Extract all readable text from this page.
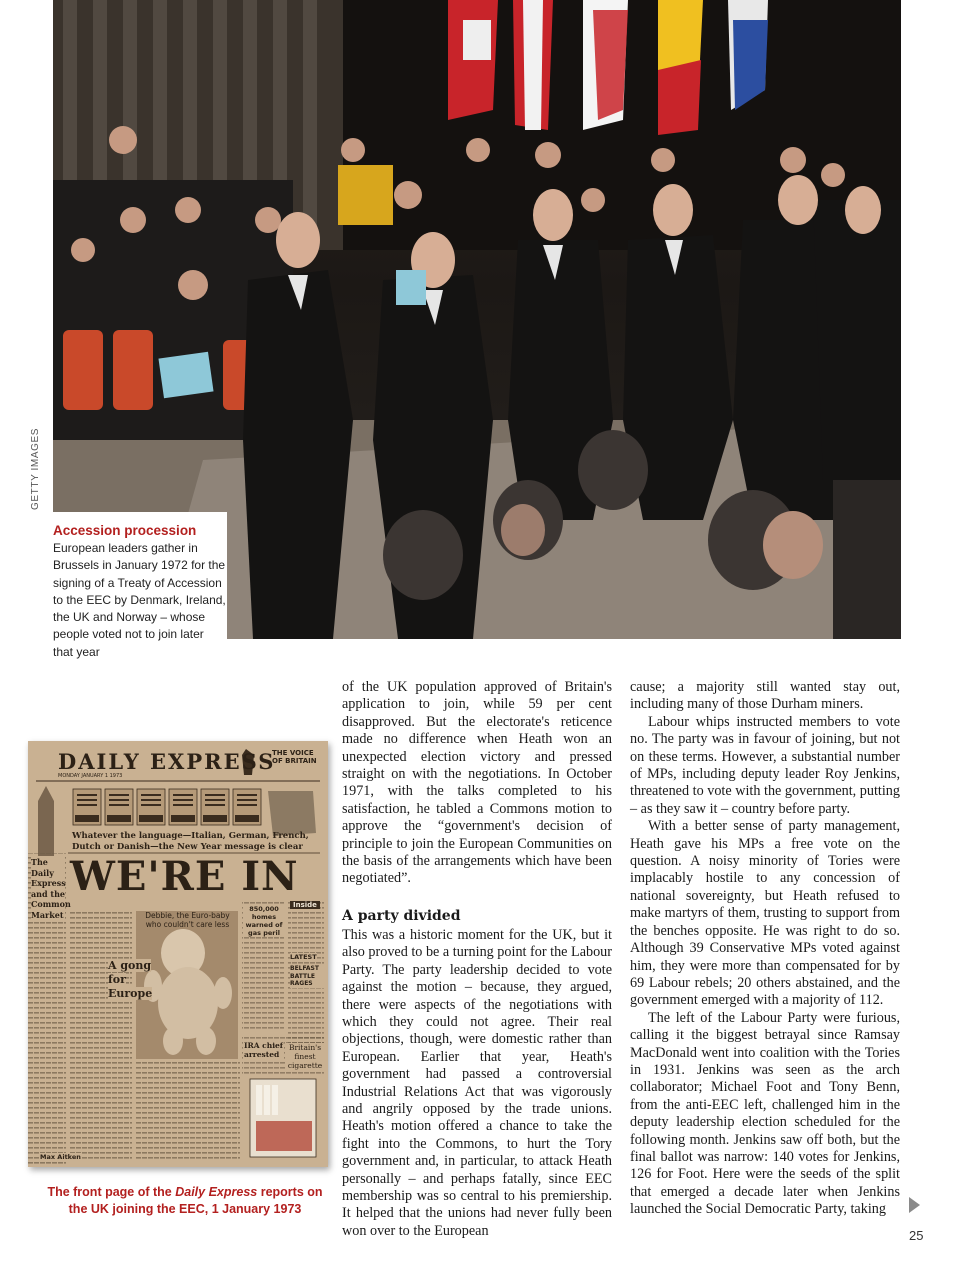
GETTY IMAGES
Accession procession
European leaders gather in Brussels in January 1972 for the signing of a Treaty of Accession to the EEC by Denmark, Ireland, the UK and Norway – whose people voted not to join later that year
DAILY EXPRESS
THE VOICE OF BRITAIN
MONDAY JANUARY 1 1973
Whatever the language—Italian, German, French,
Dutch or Danish—the New Year message is clear
WE'RE IN
The Daily Express and the Common Market	Debbie, the Euro-baby who couldn't care less
A gong
for
Europe
850,000 homes warned of gas peril
Inside
LATEST
BELFAST BATTLE RAGES
IRA chief arrested
Britain's finest cigarette
Max Aitken
The front page of the Daily Express reports on the UK joining the EEC, 1 January 1973

of the UK population approved of Britain's application to join, while 59 per cent disapproved. But the electorate's reticence made no difference when Heath won an unexpected election victory and pressed straight on with the negotiations. In October 1971, with the talks completed to his satisfaction, he tabled a Commons motion to approve the “government's decision of principle to join the European Communities on the basis of the arrangements which have been negotiated”.

A party divided

This was a historic moment for the UK, but it also proved to be a turning point for the Labour Party. The party leadership decided to vote against the motion – because, they argued, there were aspects of the negotiations with which they could not agree. Their real objections, though, were domestic rather than European. Earlier that year, Heath's government had passed a controversial Industrial Relations Act that was vigorously and angrily opposed by the trade unions. Heath's motion offered a chance to take the fight into the Commons, to hurt the Tory government and, in particular, to attack Heath personally – and perhaps fatally, since EEC membership was so central to his premiership. It helped that the unions had never fully been won over to the European

cause; a majority still wanted stay out, including many of those Durham miners.

Labour whips instructed members to vote no. The party was in favour of joining, but not on these terms. However, a substantial number of MPs, including deputy leader Roy Jenkins, threatened to vote with the government, putting – as they saw it – country before party.

With a better sense of party management, Heath gave his MPs a free vote on the question. A noisy minority of Tories were implacably hostile to any concession of national sovereignty, but Heath refused to make martyrs of them, trusting to support from the benches opposite. He was right to do so. Although 39 Conservative MPs voted against him, they were more than compensated for by 69 Labour rebels; 20 others abstained, and the government emerged with a majority of 112.

The left of the Labour Party were furious, calling it the biggest betrayal since Ramsay MacDonald went into coalition with the Tories in 1931. Jenkins was seen as the arch collaborator; Michael Foot and Tony Benn, from the anti-EEC left, challenged him in the deputy leadership election scheduled for the following month. Jenkins saw off both, but the final ballot was narrow: 140 votes for Jenkins, 126 for Foot. Here were the seeds of the split that emerged a decade later when Jenkins launched the Social Democratic Party, taking

25
